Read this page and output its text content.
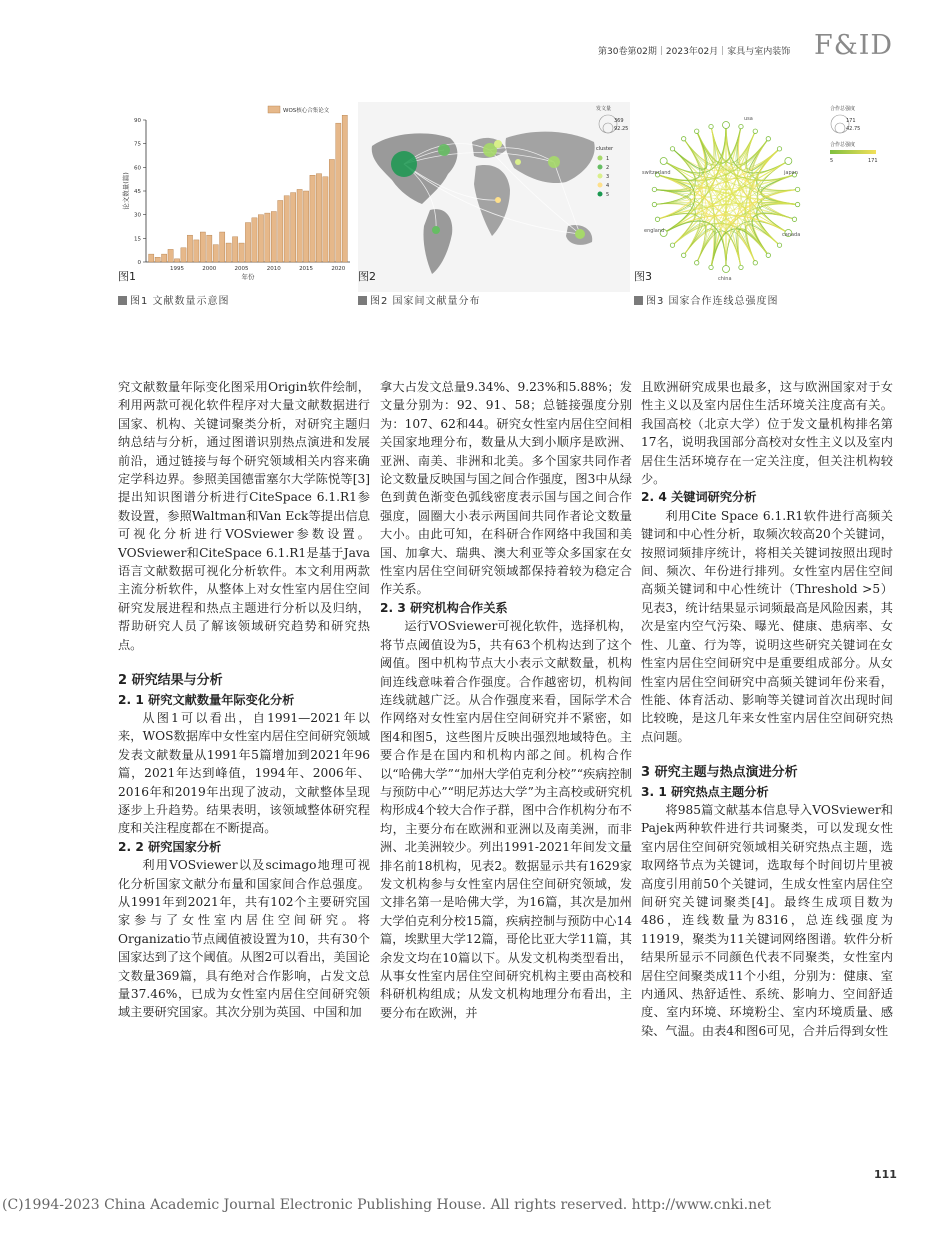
第30卷第02期｜2023年02月｜家具与室内装饰 F&ID
0
15
30
45
60
75
90
1995	2000	2005	2010	2015	2020
年份
论文数量(篇)
WOS核心合集论文
图1
发文量
369
92.25
cluster
1
2
3
4
5
图2
switzerland	japan
usa
china
england
canada
合作总强度
171
42.75
合作总强度
5	171
图3
图1 文献数量示意图	图2 国家间文献量分布	图3 国家合作连线总强度图

究文献数量年际变化图采用Origin软件绘制，利用两款可视化软件程序对大量文献数据进行国家、机构、关键词聚类分析，对研究主题归纳总结与分析，通过图谱识别热点演进和发展前沿，通过链接与每个研究领域相关内容来确定学科边界。参照美国德雷塞尔大学陈悦等[3]提出知识图谱分析进行CiteSpace 6.1.R1参数设置，参照Waltman和Van Eck等提出信息可视化分析进行VOSviewer参数设置。VOSviewer和CiteSpace 6.1.R1是基于Java语言文献数据可视化分析软件。本文利用两款主流分析软件，从整体上对女性室内居住空间研究发展进程和热点主题进行分析以及归纳，帮助研究人员了解该领域研究趋势和研究热点。

2 研究结果与分析
2. 1 研究文献数量年际变化分析

从图1可以看出，自1991—2021年以来，WOS数据库中女性室内居住空间研究领域发表文献数量从1991年5篇增加到2021年96篇，2021年达到峰值，1994年、2006年、2016年和2019年出现了波动，文献整体呈现逐步上升趋势。结果表明，该领域整体研究程度和关注程度都在不断提高。

2. 2 研究国家分析

利用VOSviewer以及scimago地理可视化分析国家文献分布量和国家间合作总强度。从1991年到2021年，共有102个主要研究国家参与了女性室内居住空间研究。将Organizatio节点阈值被设置为10，共有30个国家达到了这个阈值。从图2可以看出，美国论文数量369篇，具有绝对合作影响，占发文总量37.46%，已成为女性室内居住空间研究领域主要研究国家。其次分别为英国、中国和加

拿大占发文总量9.34%、9.23%和5.88%；发文量分别为：92、91、58；总链接强度分别为：107、62和44。研究女性室内居住空间相关国家地理分布，数量从大到小顺序是欧洲、亚洲、南美、非洲和北美。多个国家共同作者论文数量反映国与国之间合作强度，图3中从绿色到黄色渐变色弧线密度表示国与国之间合作强度，圆圈大小表示两国间共同作者论文数量大小。由此可知，在科研合作网络中我国和美国、加拿大、瑞典、澳大利亚等众多国家在女性室内居住空间研究领域都保持着较为稳定合作关系。

2. 3 研究机构合作关系

运行VOSviewer可视化软件，选择机构，将节点阈值设为5，共有63个机构达到了这个阈值。图中机构节点大小表示文献数量，机构间连线意味着合作强度。合作越密切，机构间连线就越广泛。从合作强度来看，国际学术合作网络对女性室内居住空间研究并不紧密，如图4和图5，这些图片反映出强烈地域特色。主要合作是在国内和机构内部之间。机构合作以“哈佛大学”“加州大学伯克利分校”“疾病控制与预防中心”“明尼苏达大学”为主高校或研究机构形成4个较大合作子群，图中合作机构分布不均，主要分布在欧洲和亚洲以及南美洲，而非洲、北美洲较少。列出1991-2021年间发文量排名前18机构，见表2。数据显示共有1629家发文机构参与女性室内居住空间研究领域，发文排名第一是哈佛大学，为16篇，其次是加州大学伯克利分校15篇，疾病控制与预防中心14篇，埃默里大学12篇，哥伦比亚大学11篇，其余发文均在10篇以下。从发文机构类型看出，从事女性室内居住空间研究机构主要由高校和科研机构组成；从发文机构地理分布看出，主要分布在欧洲，并

且欧洲研究成果也最多，这与欧洲国家对于女性主义以及室内居住生活环境关注度高有关。我国高校（北京大学）位于发文量机构排名第17名，说明我国部分高校对女性主义以及室内居住生活环境存在一定关注度，但关注机构较少。

2. 4 关键词研究分析

利用Cite Space 6.1.R1软件进行高频关键词和中心性分析，取频次较高20个关键词，按照词频排序统计，将相关关键词按照出现时间、频次、年份进行排列。女性室内居住空间高频关键词和中心性统计（Threshold >5）见表3，统计结果显示词频最高是风险因素，其次是室内空气污染、曝光、健康、患病率、女性、儿童、行为等，说明这些研究关键词在女性室内居住空间研究中是重要组成部分。从女性室内居住空间研究中高频关键词年份来看，性能、体育活动、影响等关键词首次出现时间比较晚，是这几年来女性室内居住空间研究热点问题。

3 研究主题与热点演进分析
3. 1 研究热点主题分析

将985篇文献基本信息导入VOSviewer和Pajek两种软件进行共词聚类，可以发现女性室内居住空间研究领域相关研究热点主题，选取网络节点为关键词，选取每个时间切片里被高度引用前50个关键词，生成女性室内居住空间研究关键词聚类[4]。最终生成项目数为486，连线数量为8316，总连线强度为11919，聚类为11关键词网络图谱。软件分析结果所显示不同颜色代表不同聚类，女性室内居住空间聚类成11个小组，分别为：健康、室内通风、热舒适性、系统、影响力、空间舒适度、室内环境、环境粉尘、室内环境质量、感染、气温。由表4和图6可见，合并后得到女性

111
(C)1994-2023 China Academic Journal Electronic Publishing House. All rights reserved. http://www.cnki.net
